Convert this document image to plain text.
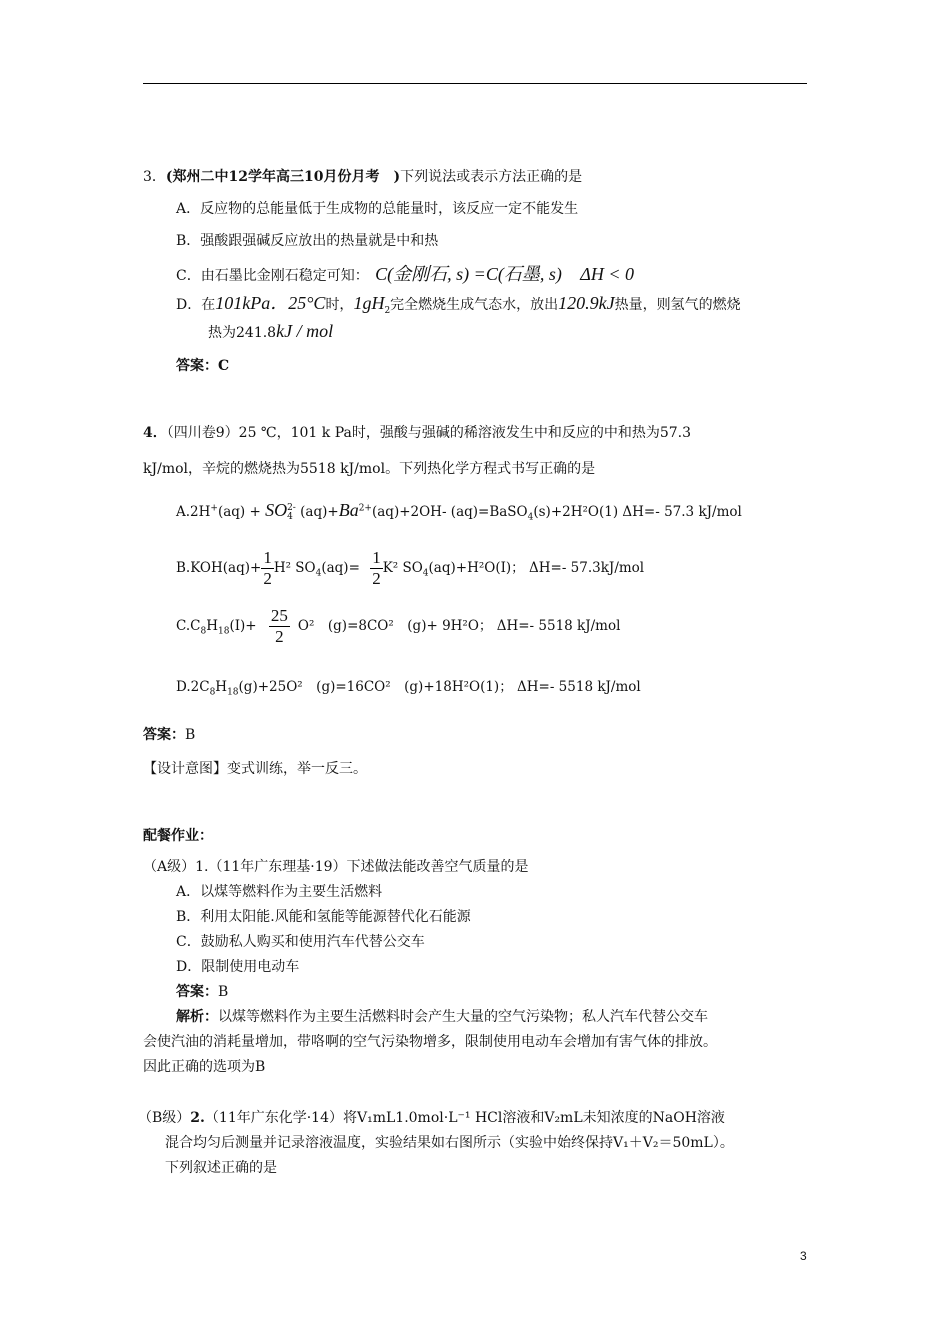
3．(郑州二中12学年高三10月份月考　)下列说法或表示方法正确的是
A．反应物的总能量低于生成物的总能量时，该反应一定不能发生
B．强酸跟强碱反应放出的热量就是中和热
C．由石墨比金刚石稳定可知： C(金刚石, s) =C(石墨, s) ΔH < 0
D．在101kPa．25°C时，$1gH_2$完全燃烧生成气态水，放出120.9kJ热量，则氢气的燃烧
热为241.8kJ / mol
答案：C
4．（四川卷9）25 ℃，101 k Pa时，强酸与强碱的稀溶液发生中和反应的中和热为57.3
kJ/mol，辛烷的燃烧热为5518 kJ/mol。下列热化学方程式书写正确的是
A.2H+(aq) + SO 2-
4 $(aq)+Ba^{2+}(aq)+2OH-$ (aq)=BaSO$_4$(s)+2H²O(1) ΔH=- 57.3 kJ/mol
$B.KOH(aq)+ \frac{1}{2} H^2$ $SO_4(aq)= \frac{1}{2} K^2$ $SO_4(aq)+H^2O(I)$； ΔH=- 57.3kJ/mol
$C.C_8H_{18}(I)+ \frac{25}{2} O^2$　(g)=8CO²　(g)+ 9H²O； ΔH=- 5518 kJ/mol
$D.2C_8H_{18}(g)+25O^2$　(g)=16CO²　(g)+18H²O(1)； ΔH=- 5518 kJ/mol
答案：B
【设计意图】变式训练，举一反三。
配餐作业：
（A级）1.（11年广东理基·19）下述做法能改善空气质量的是
A．以煤等燃料作为主要生活燃料
B．利用太阳能.风能和氢能等能源替代化石能源
C．鼓励私人购买和使用汽车代替公交车
D．限制使用电动车
答案：B
解析：以煤等燃料作为主要生活燃料时会产生大量的空气污染物；私人汽车代替公交车
会使汽油的消耗量增加，带咯啊的空气污染物增多，限制使用电动车会增加有害气体的排放。
因此正确的选项为B
（B级）2.（11年广东化学·14）将V₁mL1.0mol·L⁻¹ HCl溶液和V₂mL未知浓度的NaOH溶液
混合均匀后测量并记录溶液温度，实验结果如右图所示（实验中始终保持V₁＋V₂＝50mL）。
下列叙述正确的是
3
